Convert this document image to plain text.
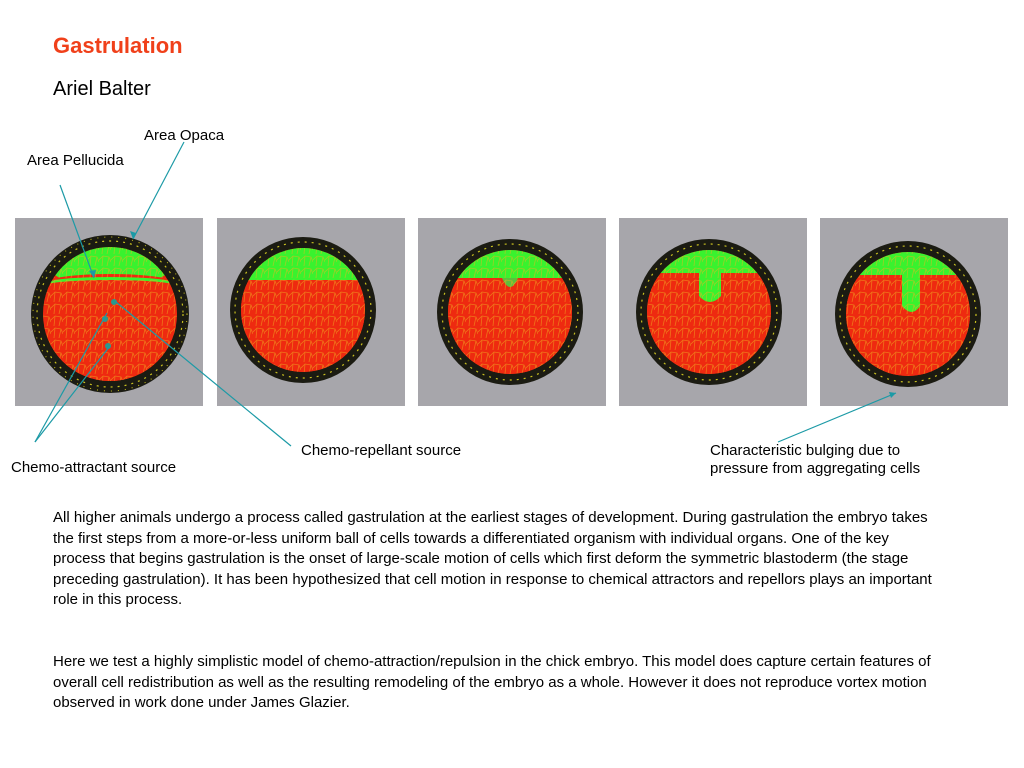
Gastrulation
Ariel Balter
Area Opaca
Area Pellucida
Chemo-attractant source
Chemo-repellant source	Characteristic bulging due to
pressure from aggregating cells
All higher animals undergo a process called gastrulation at the earliest stages of development. During gastrulation the embryo takes the first steps from a more-or-less uniform ball of cells towards a differentiated organism with individual organs. One of the key process that begins gastrulation is the onset of large-scale motion of cells which first deform the symmetric blastoderm (the stage preceding gastrulation). It has been hypothesized that cell motion in response to chemical attractors and repellors plays an important role in this process.
Here we test a highly simplistic model of chemo-attraction/repulsion in the chick embryo. This model does capture certain features of overall cell redistribution as well as the resulting remodeling of the embryo as a whole. However it does not reproduce vortex motion observed in work done under James Glazier.
